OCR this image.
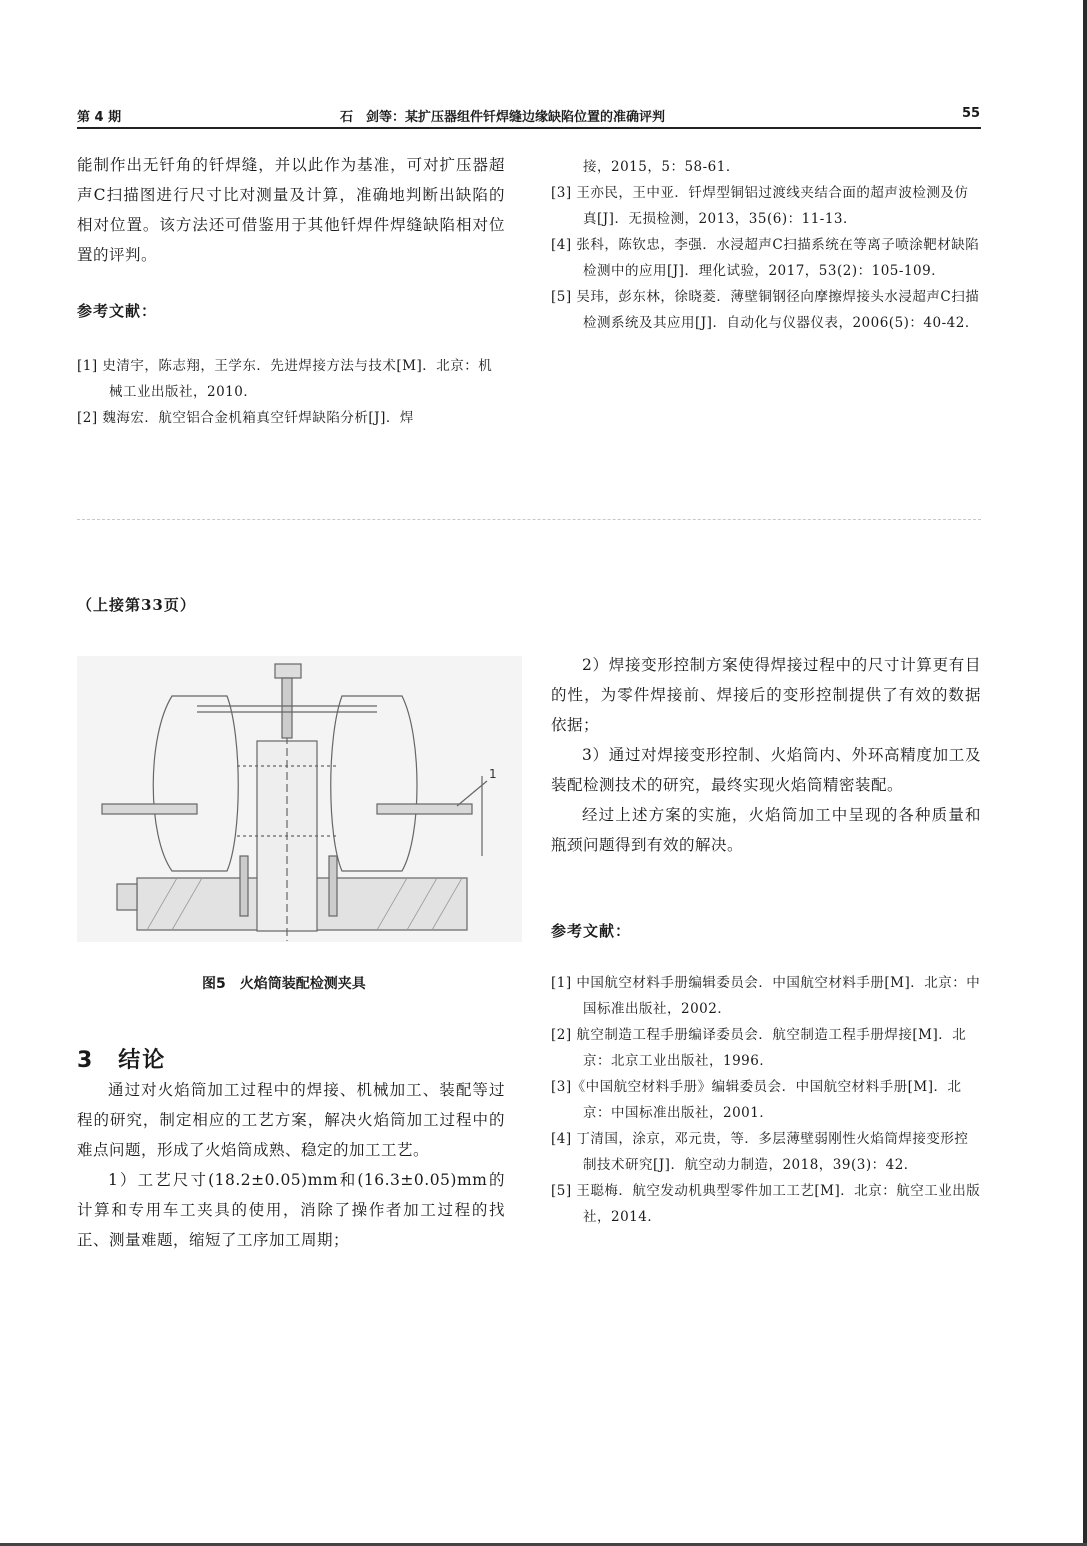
第 4 期	石　剑等：某扩压器组件钎焊缝边缘缺陷位置的准确评判	55
能制作出无钎角的钎焊缝，并以此作为基准，可对扩压器超声C扫描图进行尺寸比对测量及计算，准确地判断出缺陷的相对位置。该方法还可借鉴用于其他钎焊件焊缝缺陷相对位置的评判。
参考文献：
[1] 史清宇，陈志翔，王学东．先进焊接方法与技术[M]．北京：机械工业出版社，2010．
[2] 魏海宏．航空铝合金机箱真空钎焊缺陷分析[J]．焊
接，2015，5：58-61．
[3] 王亦民，王中亚．钎焊型铜铝过渡线夹结合面的超声波检测及仿真[J]．无损检测，2013，35(6)：11-13．
[4] 张科，陈钦忠，李强．水浸超声C扫描系统在等离子喷涂靶材缺陷检测中的应用[J]．理化试验，2017，53(2)：105-109．
[5] 吴玮，彭东林，徐晓菱．薄壁铜钢径向摩擦焊接头水浸超声C扫描检测系统及其应用[J]．自动化与仪器仪表，2006(5)：40-42．
（上接第33页）
1
图5　火焰筒装配检测夹具
3　结论
通过对火焰筒加工过程中的焊接、机械加工、装配等过程的研究，制定相应的工艺方案，解决火焰筒加工过程中的难点问题，形成了火焰筒成熟、稳定的加工工艺。
1）工艺尺寸(18.2±0.05)mm和(16.3±0.05)mm的计算和专用车工夹具的使用，消除了操作者加工过程的找正、测量难题，缩短了工序加工周期；
2）焊接变形控制方案使得焊接过程中的尺寸计算更有目的性，为零件焊接前、焊接后的变形控制提供了有效的数据依据；
3）通过对焊接变形控制、火焰筒内、外环高精度加工及装配检测技术的研究，最终实现火焰筒精密装配。
经过上述方案的实施，火焰筒加工中呈现的各种质量和瓶颈问题得到有效的解决。
参考文献：
[1] 中国航空材料手册编辑委员会．中国航空材料手册[M]．北京：中国标准出版社，2002．
[2] 航空制造工程手册编译委员会．航空制造工程手册焊接[M]．北京：北京工业出版社，1996．
[3]《中国航空材料手册》编辑委员会．中国航空材料手册[M]．北京：中国标准出版社，2001．
[4] 丁清国，涂京，邓元贵，等．多层薄壁弱刚性火焰筒焊接变形控制技术研究[J]．航空动力制造，2018，39(3)：42．
[5] 王聪梅．航空发动机典型零件加工工艺[M]．北京：航空工业出版社，2014．
